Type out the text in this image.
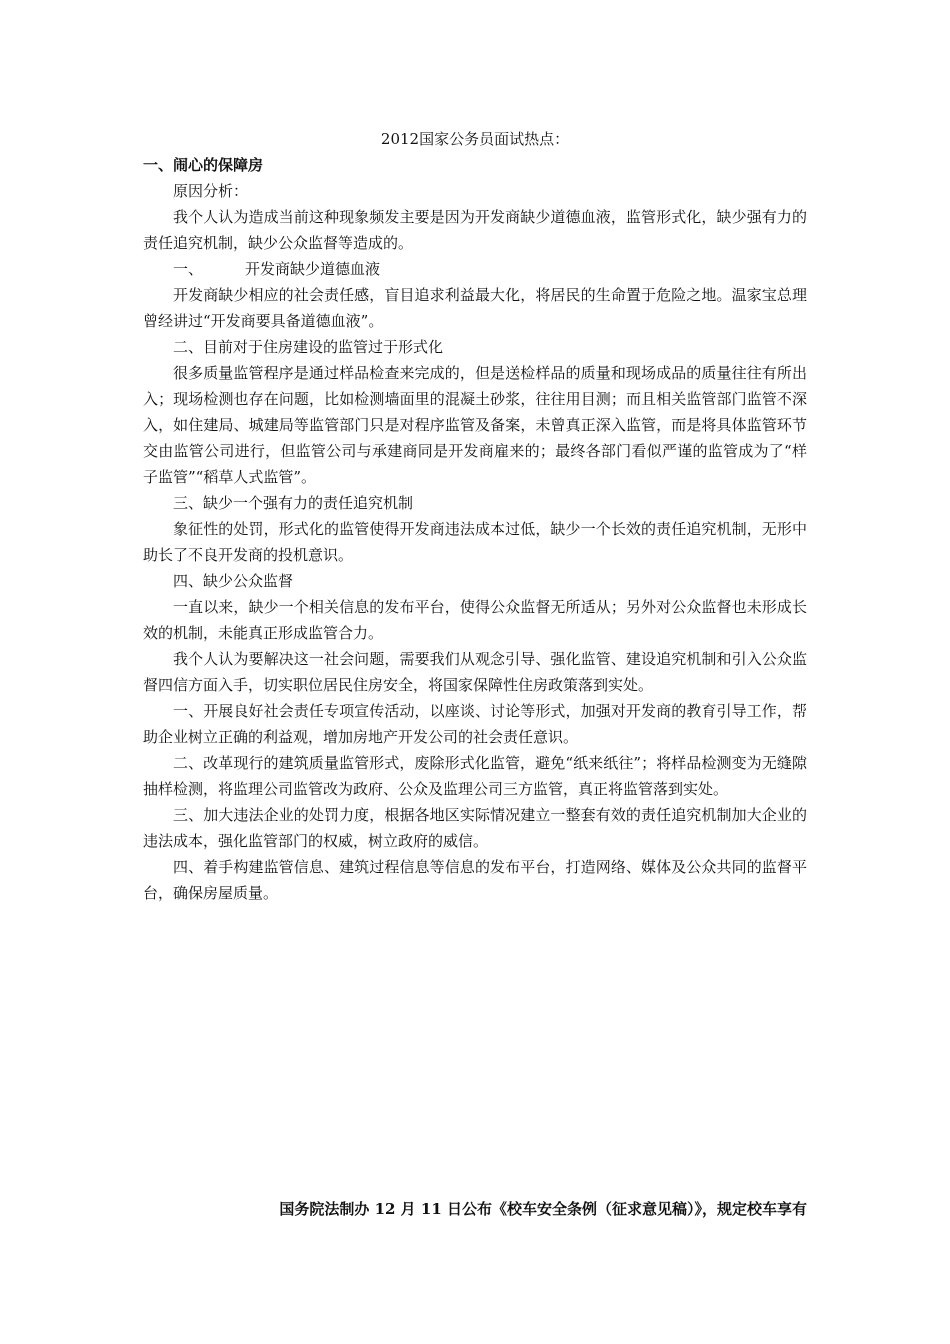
2012国家公务员面试热点：
一、闹心的保障房

原因分析：

我个人认为造成当前这种现象频发主要是因为开发商缺少道德血液，监管形式化，缺少强有力的责任追究机制，缺少公众监督等造成的。

一、	开发商缺少道德血液

开发商缺少相应的社会责任感，盲目追求利益最大化，将居民的生命置于危险之地。温家宝总理曾经讲过“开发商要具备道德血液”。

二、目前对于住房建设的监管过于形式化

很多质量监管程序是通过样品检查来完成的，但是送检样品的质量和现场成品的质量往往有所出入；现场检测也存在问题，比如检测墙面里的混凝土砂浆，往往用目测；而且相关监管部门监管不深入，如住建局、城建局等监管部门只是对程序监管及备案，未曾真正深入监管，而是将具体监管环节交由监管公司进行，但监管公司与承建商同是开发商雇来的；最终各部门看似严谨的监管成为了“样子监管”“稻草人式监管”。

三、缺少一个强有力的责任追究机制

象征性的处罚，形式化的监管使得开发商违法成本过低，缺少一个长效的责任追究机制，无形中助长了不良开发商的投机意识。

四、缺少公众监督

一直以来，缺少一个相关信息的发布平台，使得公众监督无所适从；另外对公众监督也未形成长效的机制，未能真正形成监管合力。

我个人认为要解决这一社会问题，需要我们从观念引导、强化监管、建设追究机制和引入公众监督四信方面入手，切实职位居民住房安全，将国家保障性住房政策落到实处。

一、开展良好社会责任专项宣传活动，以座谈、讨论等形式，加强对开发商的教育引导工作，帮助企业树立正确的利益观，增加房地产开发公司的社会责任意识。

二、改革现行的建筑质量监管形式，废除形式化监管，避免“纸来纸往”；将样品检测变为无缝隙抽样检测，将监理公司监管改为政府、公众及监理公司三方监管，真正将监管落到实处。

三、加大违法企业的处罚力度，根据各地区实际情况建立一整套有效的责任追究机制加大企业的违法成本，强化监管部门的权威，树立政府的威信。

四、着手构建监管信息、建筑过程信息等信息的发布平台，打造网络、媒体及公众共同的监督平台，确保房屋质量。

国务院法制办 12 月 11 日公布《校车安全条例（征求意见稿）》，规定校车享有
